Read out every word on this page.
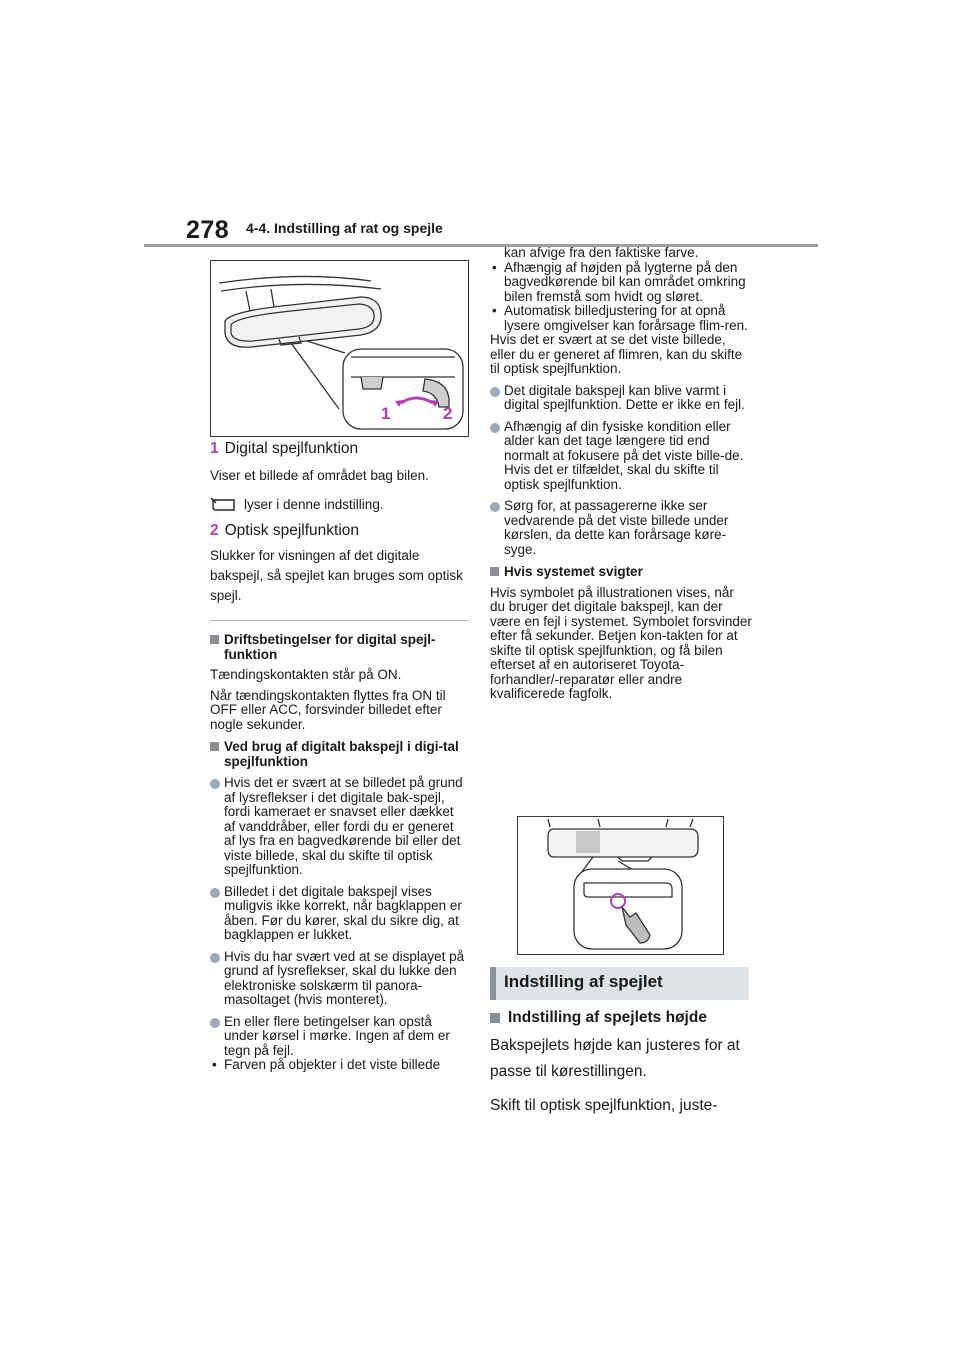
278 4-4. Indstilling af rat og spejle
1	2

1 Digital spejlfunktion

Viser et billede af området bag bilen.

lyser i denne indstilling.

2 Optisk spejlfunktion

Slukker for visningen af det digitale bakspejl, så spejlet kan bruges som optisk spejl.

Driftsbetingelser for digital spejl-funktion

Tændingskontakten står på ON.

Når tændingskontakten flyttes fra ON til OFF eller ACC, forsvinder billedet efter nogle sekunder.

Ved brug af digitalt bakspejl i digi-tal spejlfunktion

Hvis det er svært at se billedet på grund af lysreflekser i det digitale bak-spejl, fordi kameraet er snavset eller dækket af vanddråber, eller fordi du er generet af lys fra en bagvedkørende bil eller det viste billede, skal du skifte til optisk spejlfunktion.

Billedet i det digitale bakspejl vises muligvis ikke korrekt, når bagklappen er åben. Før du kører, skal du sikre dig, at bagklappen er lukket.

Hvis du har svært ved at se displayet på grund af lysreflekser, skal du lukke den elektroniske solskærm til panora-masoltaget (hvis monteret).

En eller flere betingelser kan opstå under kørsel i mørke. Ingen af dem er tegn på fejl.

• Farven på objekter i det viste billede

kan afvige fra den faktiske farve.

• Afhængig af højden på lygterne på den bagvedkørende bil kan området omkring bilen fremstå som hvidt og sløret.

• Automatisk billedjustering for at opnå lysere omgivelser kan forårsage flim-ren.

Hvis det er svært at se det viste billede, eller du er generet af flimren, kan du skifte til optisk spejlfunktion.

Det digitale bakspejl kan blive varmt i digital spejlfunktion. Dette er ikke en fejl.

Afhængig af din fysiske kondition eller alder kan det tage længere tid end normalt at fokusere på det viste bille-de. Hvis det er tilfældet, skal du skifte til optisk spejlfunktion.

Sørg for, at passagererne ikke ser vedvarende på det viste billede under kørslen, da dette kan forårsage køre-syge.

Hvis systemet svigter

Hvis symbolet på illustrationen vises, når du bruger det digitale bakspejl, kan der være en fejl i systemet. Symbolet forsvinder efter få sekunder. Betjen kon-takten for at skifte til optisk spejlfunktion, og få bilen efterset af en autoriseret Toyota-forhandler/-reparatør eller andre kvalificerede fagfolk.

Indstilling af spejlet
Indstilling af spejlets højde

Bakspejlets højde kan justeres for at passe til kørestillingen.

Skift til optisk spejlfunktion, juste-
